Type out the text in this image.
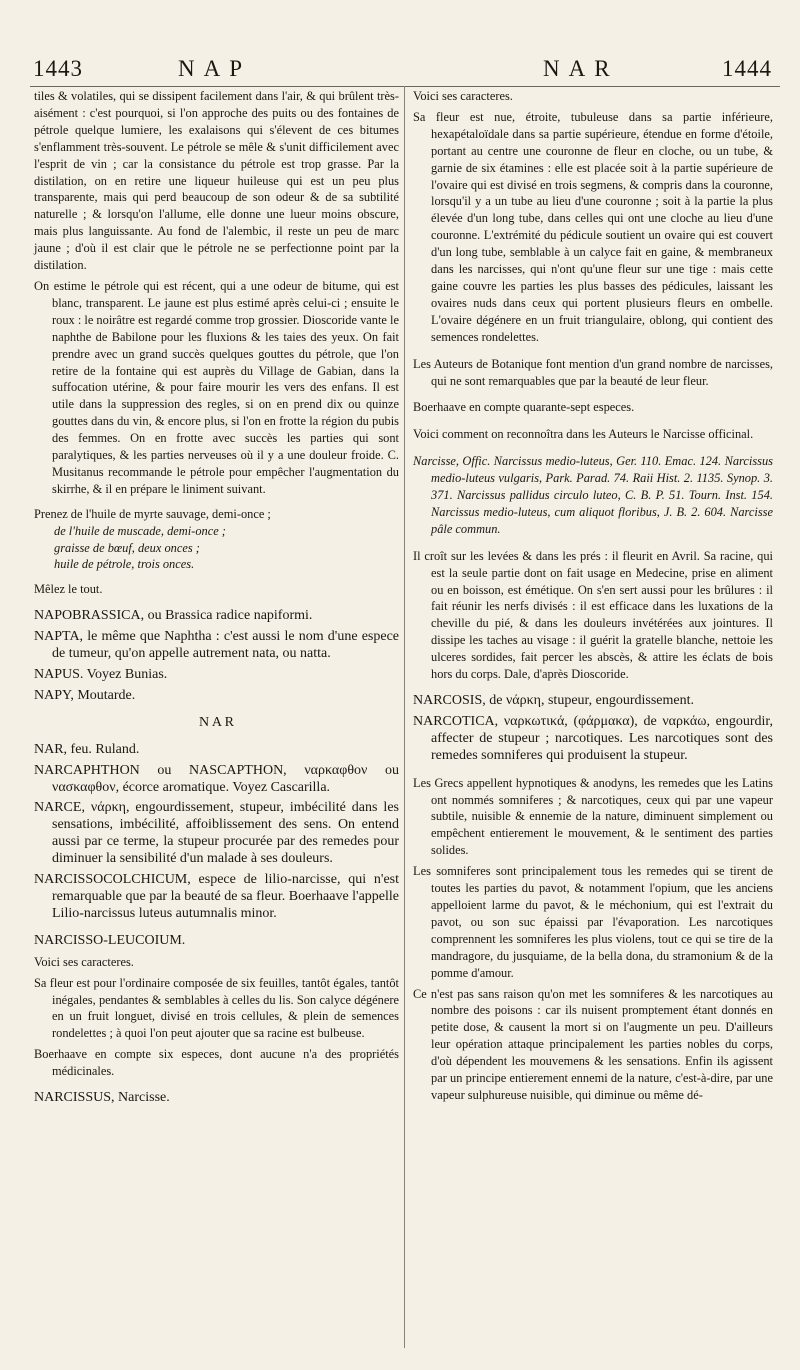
1443	NAP	NAR	1444

tiles & volatiles, qui se dissipent facilement dans l'air, & qui brûlent très-aisément : c'est pourquoi, si l'on approche des puits ou des fontaines de pétrole quelque lumiere, les exalaisons qui s'élevent de ces bitumes s'enflamment très-souvent. Le pétrole se mêle & s'unit difficilement avec l'esprit de vin ; car la consistance du pétrole est trop grasse. Par la distilation, on en retire une liqueur huileuse qui est un peu plus transparente, mais qui perd beaucoup de son odeur & de sa subtilité naturelle ; & lorsqu'on l'allume, elle donne une lueur moins obscure, mais plus languissante. Au fond de l'alembic, il reste un peu de marc jaune ; d'où il est clair que le pétrole ne se perfectionne point par la distilation.

On estime le pétrole qui est récent, qui a une odeur de bitume, qui est blanc, transparent. Le jaune est plus estimé après celui-ci ; ensuite le roux : le noirâtre est regardé comme trop grossier. Dioscoride vante le naphthe de Babilone pour les fluxions & les taies des yeux. On fait prendre avec un grand succès quelques gouttes du pétrole, que l'on retire de la fontaine qui est auprès du Village de Gabian, dans la suffocation utérine, & pour faire mourir les vers des enfans. Il est utile dans la suppression des regles, si on en prend dix ou quinze gouttes dans du vin, & encore plus, si l'on en frotte la région du pubis des femmes. On en frotte avec succès les parties qui sont paralytiques, & les parties nerveuses où il y a une douleur froide. C. Musitanus recommande le pétrole pour empêcher l'augmentation du skirrhe, & il en prépare le liniment suivant.

Prenez de l'huile de myrte sauvage, demi-once ;
de l'huile de muscade, demi-once ;
graisse de bœuf, deux onces ;
huile de pétrole, trois onces.

Mêlez le tout.

NAPOBRASSICA, ou Brassica radice napiformi.

NAPTA, le même que Naphtha : c'est aussi le nom d'une espece de tumeur, qu'on appelle autrement nata, ou natta.

NAPUS. Voyez Bunias.

NAPY, Moutarde.

N A R

NAR, feu. Ruland.

NARCAPHTHON ou NASCAPTHON, ναρκαφθον ou νασκαφθον, écorce aromatique. Voyez Cascarilla.

NARCE, νάρκη, engourdissement, stupeur, imbécilité dans les sensations, imbécilité, affoiblissement des sens. On entend aussi par ce terme, la stupeur procurée par des remedes pour diminuer la sensibilité d'un malade à ses douleurs.

NARCISSOCOLCHICUM, espece de lilio-narcisse, qui n'est remarquable que par la beauté de sa fleur. Boerhaave l'appelle Lilio-narcissus luteus autumnalis minor.

NARCISSO-LEUCOIUM.

Voici ses caracteres.

Sa fleur est pour l'ordinaire composée de six feuilles, tantôt égales, tantôt inégales, pendantes & semblables à celles du lis. Son calyce dégénere en un fruit longuet, divisé en trois cellules, & plein de semences rondelettes ; à quoi l'on peut ajouter que sa racine est bulbeuse.

Boerhaave en compte six especes, dont aucune n'a des propriétés médicinales.

NARCISSUS, Narcisse.

Voici ses caracteres.

Sa fleur est nue, étroite, tubuleuse dans sa partie inférieure, hexapétaloïdale dans sa partie supérieure, étendue en forme d'étoile, portant au centre une couronne de fleur en cloche, ou un tube, & garnie de six étamines : elle est placée soit à la partie supérieure de l'ovaire qui est divisé en trois segmens, & compris dans la couronne, lorsqu'il y a un tube au lieu d'une couronne ; soit à la partie la plus élevée d'un long tube, dans celles qui ont une cloche au lieu d'une couronne. L'extrémité du pédicule soutient un ovaire qui est couvert d'un long tube, semblable à un calyce fait en gaine, & membraneux dans les narcisses, qui n'ont qu'une fleur sur une tige : mais cette gaine couvre les parties les plus basses des pédicules, laissant les ovaires nuds dans ceux qui portent plusieurs fleurs en ombelle. L'ovaire dégénere en un fruit triangulaire, oblong, qui contient des semences rondelettes.

Les Auteurs de Botanique font mention d'un grand nombre de narcisses, qui ne sont remarquables que par la beauté de leur fleur.

Boerhaave en compte quarante-sept especes.

Voici comment on reconnoîtra dans les Auteurs le Narcisse officinal.

Narcisse, Offic. Narcissus medio-luteus, Ger. 110. Emac. 124. Narcissus medio-luteus vulgaris, Park. Parad. 74. Raii Hist. 2. 1135. Synop. 3. 371. Narcissus pallidus circulo luteo, C. B. P. 51. Tourn. Inst. 154. Narcissus medio-luteus, cum aliquot floribus, J. B. 2. 604. Narcisse pâle commun.

Il croît sur les levées & dans les prés : il fleurit en Avril. Sa racine, qui est la seule partie dont on fait usage en Medecine, prise en aliment ou en boisson, est émétique. On s'en sert aussi pour les brûlures : il fait réunir les nerfs divisés : il est efficace dans les luxations de la cheville du pié, & dans les douleurs invétérées aux jointures. Il dissipe les taches au visage : il guérit la gratelle blanche, nettoie les ulceres sordides, fait percer les abscès, & attire les éclats de bois hors du corps. Dale, d'après Dioscoride.

NARCOSIS, de νάρκη, stupeur, engourdissement.

NARCOTICA, ναρκωτικά, (φάρμακα), de ναρκάω, engourdir, affecter de stupeur ; narcotiques. Les narcotiques sont des remedes somniferes qui produisent la stupeur.

Les Grecs appellent hypnotiques & anodyns, les remedes que les Latins ont nommés somniferes ; & narcotiques, ceux qui par une vapeur subtile, nuisible & ennemie de la nature, diminuent simplement ou empêchent entierement le mouvement, & le sentiment des parties solides.

Les somniferes sont principalement tous les remedes qui se tirent de toutes les parties du pavot, & notamment l'opium, que les anciens appelloient larme du pavot, & le méchonium, qui est l'extrait du pavot, ou son suc épaissi par l'évaporation. Les narcotiques comprennent les somniferes les plus violens, tout ce qui se tire de la mandragore, du jusquiame, de la bella dona, du stramonium & de la pomme d'amour.

Ce n'est pas sans raison qu'on met les somniferes & les narcotiques au nombre des poisons : car ils nuisent promptement étant donnés en petite dose, & causent la mort si on l'augmente un peu. D'ailleurs leur opération attaque principalement les parties nobles du corps, d'où dépendent les mouvemens & les sensations. Enfin ils agissent par un principe entierement ennemi de la nature, c'est-à-dire, par une vapeur sulphureuse nuisible, qui diminue ou même dé-
